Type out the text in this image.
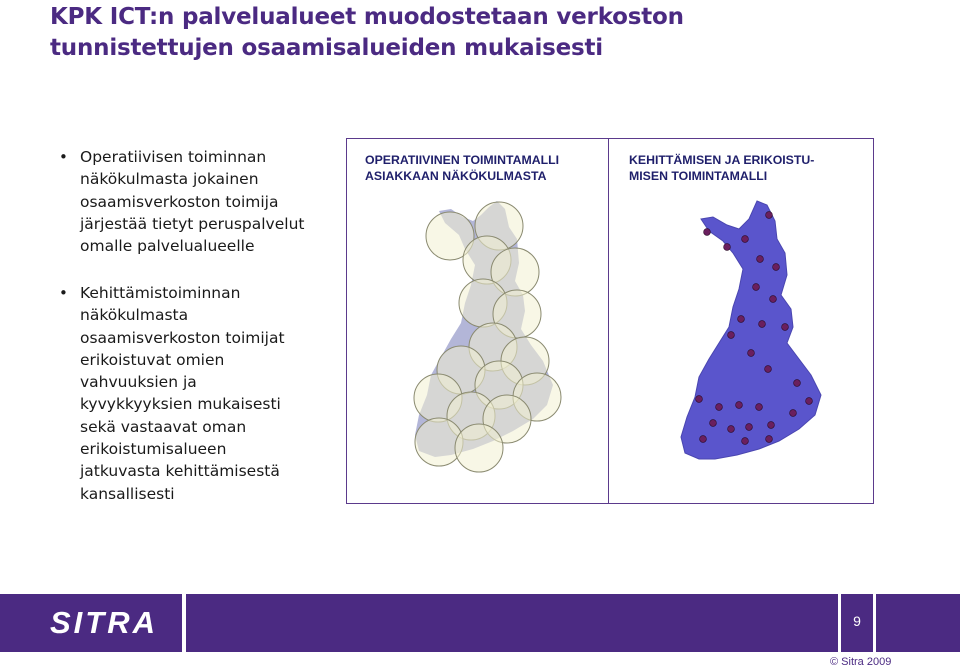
KPK ICT:n palvelualueet muodostetaan verkoston
tunnistettujen osaamisalueiden mukaisesti
• Operatiivisen toiminnan
näkökulmasta jokainen
osaamisverkoston toimija
järjestää tietyt peruspalvelut
omalle palvelualueelle
• Kehittämistoiminnan
näkökulmasta
osaamisverkoston toimijat
erikoistuvat omien
vahvuuksien ja
kyvykkyyksien mukaisesti
sekä vastaavat oman
erikoistumisalueen
jatkuvasta kehittämisestä
kansallisesti
OPERATIIVINEN TOIMINTAMALLI
ASIAKKAAN NÄKÖKULMASTA
KEHITTÄMISEN JA ERIKOISTU-
MISEN TOIMINTAMALLI
SITRA	9
© Sitra 2009
